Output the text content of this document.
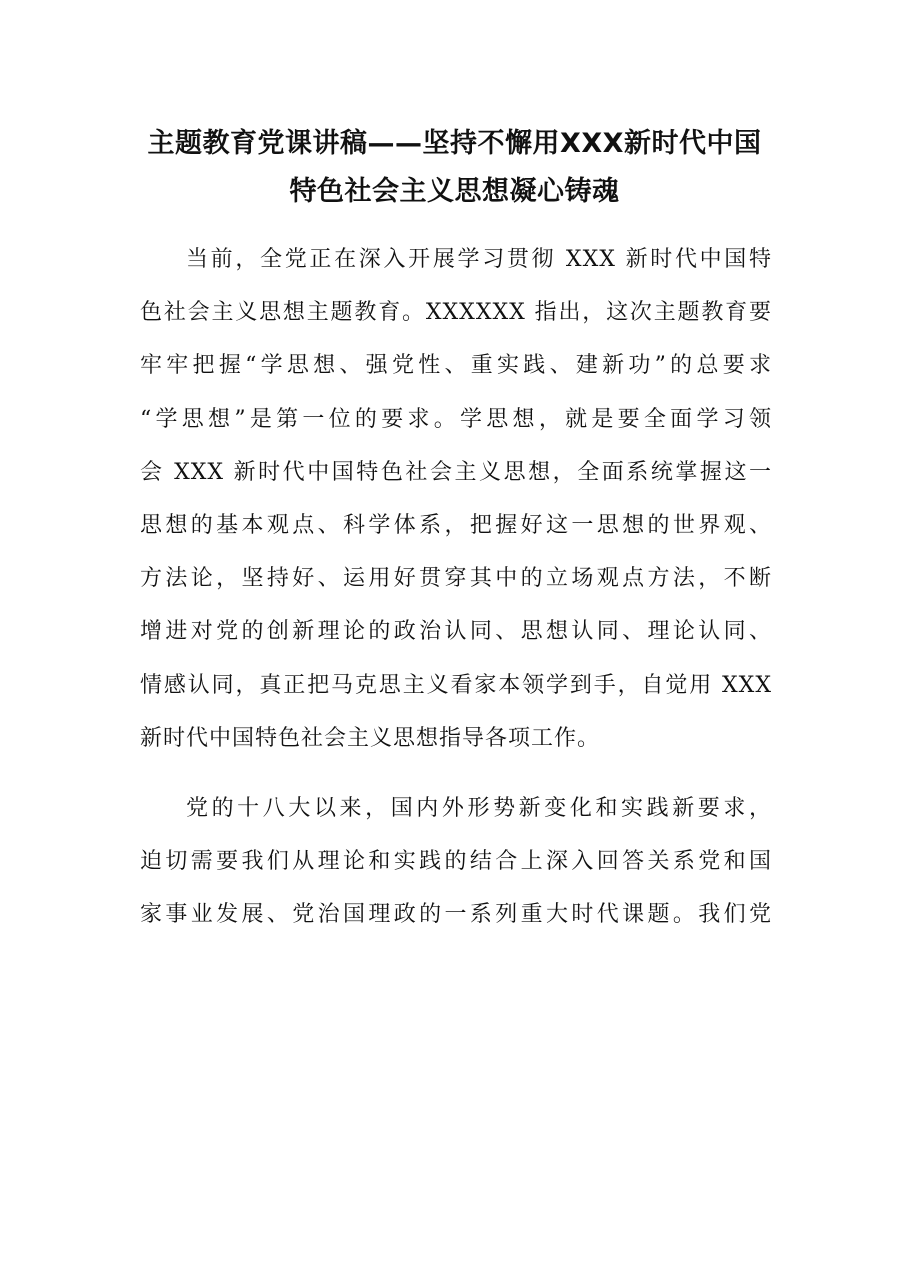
主题教育党课讲稿——坚持不懈用XXX新时代中国
特色社会主义思想凝心铸魂
当前，全党正在深入开展学习贯彻 XXX 新时代中国特
色社会主义思想主题教育。XXXXXX 指出，这次主题教育要
牢牢把握“学思想、强党性、重实践、建新功”的总要求
“学思想”是第一位的要求。学思想，就是要全面学习领
会 XXX 新时代中国特色社会主义思想，全面系统掌握这一
思想的基本观点、科学体系，把握好这一思想的世界观、
方法论，坚持好、运用好贯穿其中的立场观点方法，不断
增进对党的创新理论的政治认同、思想认同、理论认同、
情感认同，真正把马克思主义看家本领学到手，自觉用 XXX
新时代中国特色社会主义思想指导各项工作。
党的十八大以来，国内外形势新变化和实践新要求，
迫切需要我们从理论和实践的结合上深入回答关系党和国
家事业发展、党治国理政的一系列重大时代课题。我们党
